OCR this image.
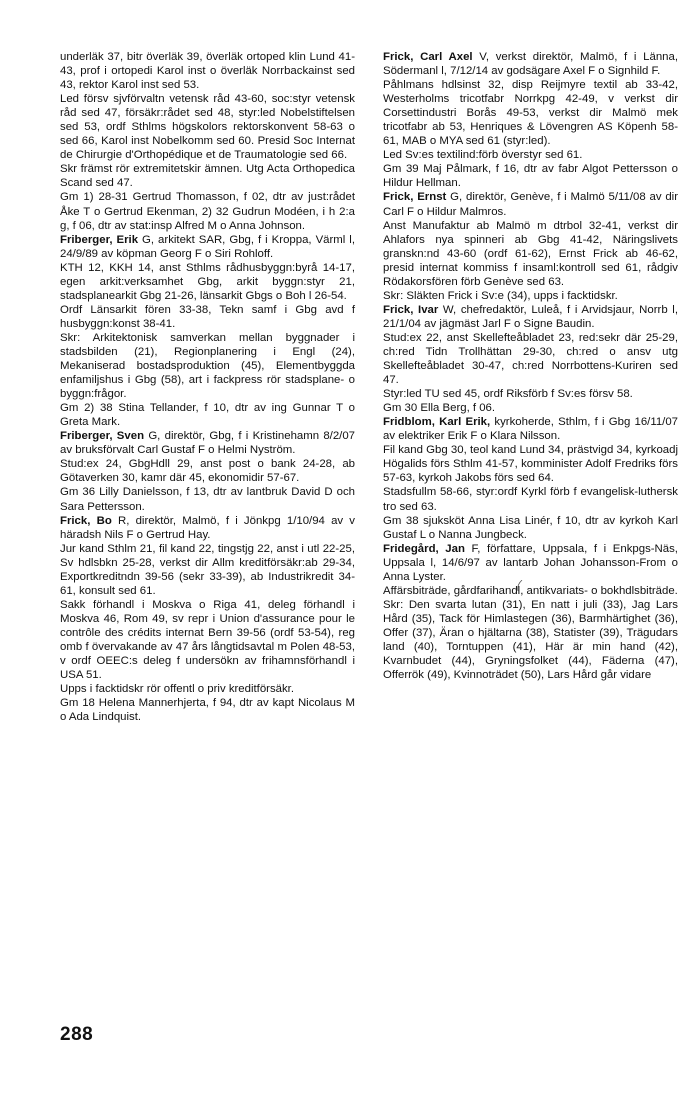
underläk 37, bitr överläk 39, överläk ortoped klin Lund 41-43, prof i ortopedi Karol inst o överläk Norrbackainst sed 43, rektor Karol inst sed 53.

Led försv sjvförvaltn vetensk råd 43-60, soc:styr vetensk råd sed 47, försäkr:rådet sed 48, styr:led Nobelstiftelsen sed 53, ordf Sthlms högskolors rektorskonvent 58-63 o sed 66, Karol inst Nobelkomm sed 60. Presid Soc Internat de Chirurgie d'Orthopédique et de Traumatologie sed 66.

Skr främst rör extremitetskir ämnen. Utg Acta Orthopedica Scand sed 47.

Gm 1) 28-31 Gertrud Thomasson, f 02, dtr av just:rådet Åke T o Gertrud Ekenman, 2) 32 Gudrun Modéen, i h 2:a g, f 06, dtr av stat:insp Alfred M o Anna Johnson.

Friberger, Erik G, arkitekt SAR, Gbg, f i Kroppa, Värml l, 24/9/89 av köpman Georg F o Siri Rohloff.

KTH 12, KKH 14, anst Sthlms rådhusbyggn:byrå 14-17, egen arkit:verksamhet Gbg, arkit byggn:styr 21, stadsplanearkit Gbg 21-26, länsarkit Gbgs o Boh l 26-54.

Ordf Länsarkit fören 33-38, Tekn samf i Gbg avd f husbyggn:konst 38-41.

Skr: Arkitektonisk samverkan mellan byggnader i stadsbilden (21), Regionplanering i Engl (24), Mekaniserad bostadsproduktion (45), Elementbyggda enfamiljshus i Gbg (58), art i fackpress rör stadsplane- o byggn:frågor.

Gm 2) 38 Stina Tellander, f 10, dtr av ing Gunnar T o Greta Mark.

Friberger, Sven G, direktör, Gbg, f i Kristinehamn 8/2/07 av bruksförvalt Carl Gustaf F o Helmi Nyström.

Stud:ex 24, GbgHdll 29, anst post o bank 24-28, ab Götaverken 30, kamr där 45, ekonomidir 57-67.

Gm 36 Lilly Danielsson, f 13, dtr av lantbruk David D och Sara Pettersson.

Frick, Bo R, direktör, Malmö, f i Jönkpg 1/10/94 av v häradsh Nils F o Gertrud Hay.

Jur kand Sthlm 21, fil kand 22, tingstjg 22, anst i utl 22-25, Sv hdlsbkn 25-28, verkst dir Allm kreditförsäkr:ab 29-34, Exportkreditndn 39-56 (sekr 33-39), ab Industrikredit 34-61, konsult sed 61.

Sakk förhandl i Moskva o Riga 41, deleg förhandl i Moskva 46, Rom 49, sv repr i Union d'assurance pour le contrôle des crédits internat Bern 39-56 (ordf 53-54), reg omb f övervakande av 47 års långtidsavtal m Polen 48-53, v ordf OEEC:s deleg f undersökn av frihamnsförhandl i USA 51.

Upps i facktidskr rör offentl o priv kreditförsäkr.

Gm 18 Helena Mannerhjerta, f 94, dtr av kapt Nicolaus M o Ada Lindquist.

Frick, Carl Axel V, verkst direktör, Malmö, f i Länna, Södermanl l, 7/12/14 av godsägare Axel F o Signhild F.

Påhlmans hdlsinst 32, disp Reijmyre textil ab 33-42, Westerholms tricotfabr Norrkpg 42-49, v verkst dir Corsettindustri Borås 49-53, verkst dir Malmö mek tricotfabr ab 53, Henriques & Lövengren AS Köpenh 58-61, MAB o MYA sed 61 (styr:led).

Led Sv:es textilind:förb överstyr sed 61.

Gm 39 Maj Pålmark, f 16, dtr av fabr Algot Pettersson o Hildur Hellman.

Frick, Ernst G, direktör, Genève, f i Malmö 5/11/08 av dir Carl F o Hildur Malmros.

Anst Manufaktur ab Malmö m dtrbol 32-41, verkst dir Ahlafors nya spinneri ab Gbg 41-42, Näringslivets granskn:nd 43-60 (ordf 61-62), Ernst Frick ab 46-62, presid internat kommiss f insaml:kontroll sed 61, rådgiv Rödakorsfören förb Genève sed 63.

Skr: Släkten Frick i Sv:e (34), upps i facktidskr.

Frick, Ivar W, chefredaktör, Luleå, f i Arvidsjaur, Norrb l, 21/1/04 av jägmäst Jarl F o Signe Baudin.

Stud:ex 22, anst Skellefteåbladet 23, red:sekr där 25-29, ch:red Tidn Trollhättan 29-30, ch:red o ansv utg Skellefteåbladet 30-47, ch:red Norrbottens-Kuriren sed 47.

Styr:led TU sed 45, ordf Riksförb f Sv:es försv 58.

Gm 30 Ella Berg, f 06.

Fridblom, Karl Erik, kyrkoherde, Sthlm, f i Gbg 16/11/07 av elektriker Erik F o Klara Nilsson.

Fil kand Gbg 30, teol kand Lund 34, prästvigd 34, kyrkoadj Högalids förs Sthlm 41-57, komminister Adolf Fredriks förs 57-63, kyrkoh Jakobs förs sed 64.

Stadsfullm 58-66, styr:ordf Kyrkl förb f evangelisk-luthersk tro sed 63.

Gm 38 sjuksköt Anna Lisa Linér, f 10, dtr av kyrkoh Karl Gustaf L o Nanna Jungbeck.

Fridegård, Jan F, författare, Uppsala, f i Enkpgs-Näs, Uppsala l, 14/6/97 av lantarb Johan Johansson-From o Anna Lyster.

Affärsbiträde, gårdfarihandl, antikvariats- o bokhdlsbiträde.

Skr: Den svarta lutan (31), En natt i juli (33), Jag Lars Hård (35), Tack för Himlastegen (36), Barmhärtighet (36), Offer (37), Äran o hjältarna (38), Statister (39), Trägudars land (40), Torntuppen (41), Här är min hand (42), Kvarnbudet (44), Gryningsfolket (44), Fäderna (47), Offerrök (49), Kvinnoträdet (50), Lars Hård går vidare

288
